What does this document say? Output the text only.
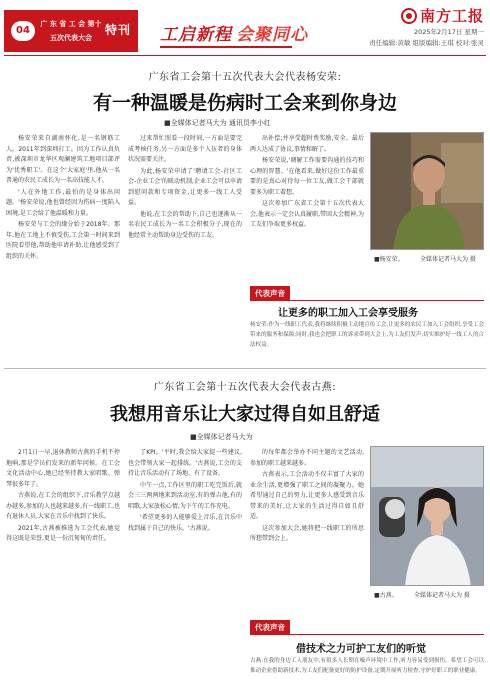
04
广 东 省 工 会 第十五次代表大会
特刊 工启新程 会聚同心
南方工报
2025年2月17日 星期一
责任编辑:黄敏 组版编辑:王琪 校对:张灵
广东省工会第十五次代表大会代表杨安荣:
有一种温暖是伤病时工会来到你身边
■全媒体记者马大为 通讯员李小红

杨安荣来自湖南怀化,是一名钢筋工人。2011年到深圳打工。因为工作认真负责,被深圳市龙华区观澜建筑工地项目部评为'优秀职工'。在这个'大家庭'里,他从一名普通的农民工成长为一名高技能人才。

'人在外地工作,最怕的是身体出问题。'杨安荣说,他也曾经因为伤病一度陷入困境,是工会给了他温暖和力量。

杨安荣与工会的缘分始于2018年。那年,他在工地上不慎受伤,工会第一时间来到医院看望他,帮助他申请补助,让他感受到了组织的关怀。

过来帮忙照看一段时间,一方面是要完成考核任务,另一方面是多个入伍者的身体状况需要关注。

为此,杨安荣申请了'聘请工会-社区工会-企业工会'的联动机制,企业工会可以申请到慰问款和专项资金,让更多一线工人受益。

他说,在工会的帮助下,自己也逐渐从一名农民工成长为一名工会积极分子,现在的他经常主动帮助身边受伤的工友。

出补偿;并享受超时费奖励,安全。最后两人达成了协议,事情和解了。

杨安荣说,'调解工作需要沟通的技巧和心理的智慧。'在他看来,做好这份工作最重要的是真心对待每一位工友,做工会干部就要多为职工着想。

这次参加广东省工会第十五次代表大会,他表示一定会认真履职,带回大会精神,为工友们争取更多权益。

■杨安荣。	全媒体记者马大为 摄
代表声音
让更多的职工加入工会享受服务
杨安荣:作为一线职工代表,我将继续积极主动地宣传工会,让更多的农民工加入工会组织,享受工会带来的服务和保障;同时,我也会把职工的诉求带到大会上,为工友们发声,切实维护好一线工人的合法权益。
广东省工会第十五次代表大会代表古燕:
我想用音乐让大家过得自如且舒适
■全媒体记者马大为

2月1日一早,退休教师古燕的手机不停地响,那是学员们发来的新年问候。在工会文化活动中心,她已经坚持教大家唱歌、弹琴很多年了。

古燕说,在工会的组织下,音乐教学点越办越多,参加的人也越来越多,有一线职工,也有退休人员,大家在音乐中找到了快乐。

2021年,古燕被推选为工会代表,她觉得这既是荣誉,更是一份沉甸甸的责任。

了KPI。'平时,我会给大家提一些建议,也会带领大家一起排练。'古燕说,工会的支持让音乐活动有了场地、有了设备。

中午一点,工作区里的职工吃完饭后,就会三三两两地来到活动室,有的弹吉他,有的唱歌,大家放松心情,为下午的工作充电。

'希望更多的人能够爱上音乐,在音乐中找到属于自己的快乐。'古燕说。

的每年都会举办不同主题的文艺活动,参加的职工越来越多。

古燕表示,工会活动不仅丰富了大家的业余生活,更增强了职工之间的凝聚力。她希望通过自己的努力,让更多人感受到音乐带来的美好,让大家的生活过得自如且舒适。

这次参加大会,她将把一线职工的所思所想带到会上。

■古燕。	全媒体记者马大为 摄
代表声音
借技术之力可护工友们的听觉
古燕:在我的身边工人朋友中,有很多人长期在噪声环境中工作,听力容易受到损伤。希望工会可以推动企业借助新技术,为工友们配备更好的防护设备,定期开展听力检查,守护好职工的职业健康。
